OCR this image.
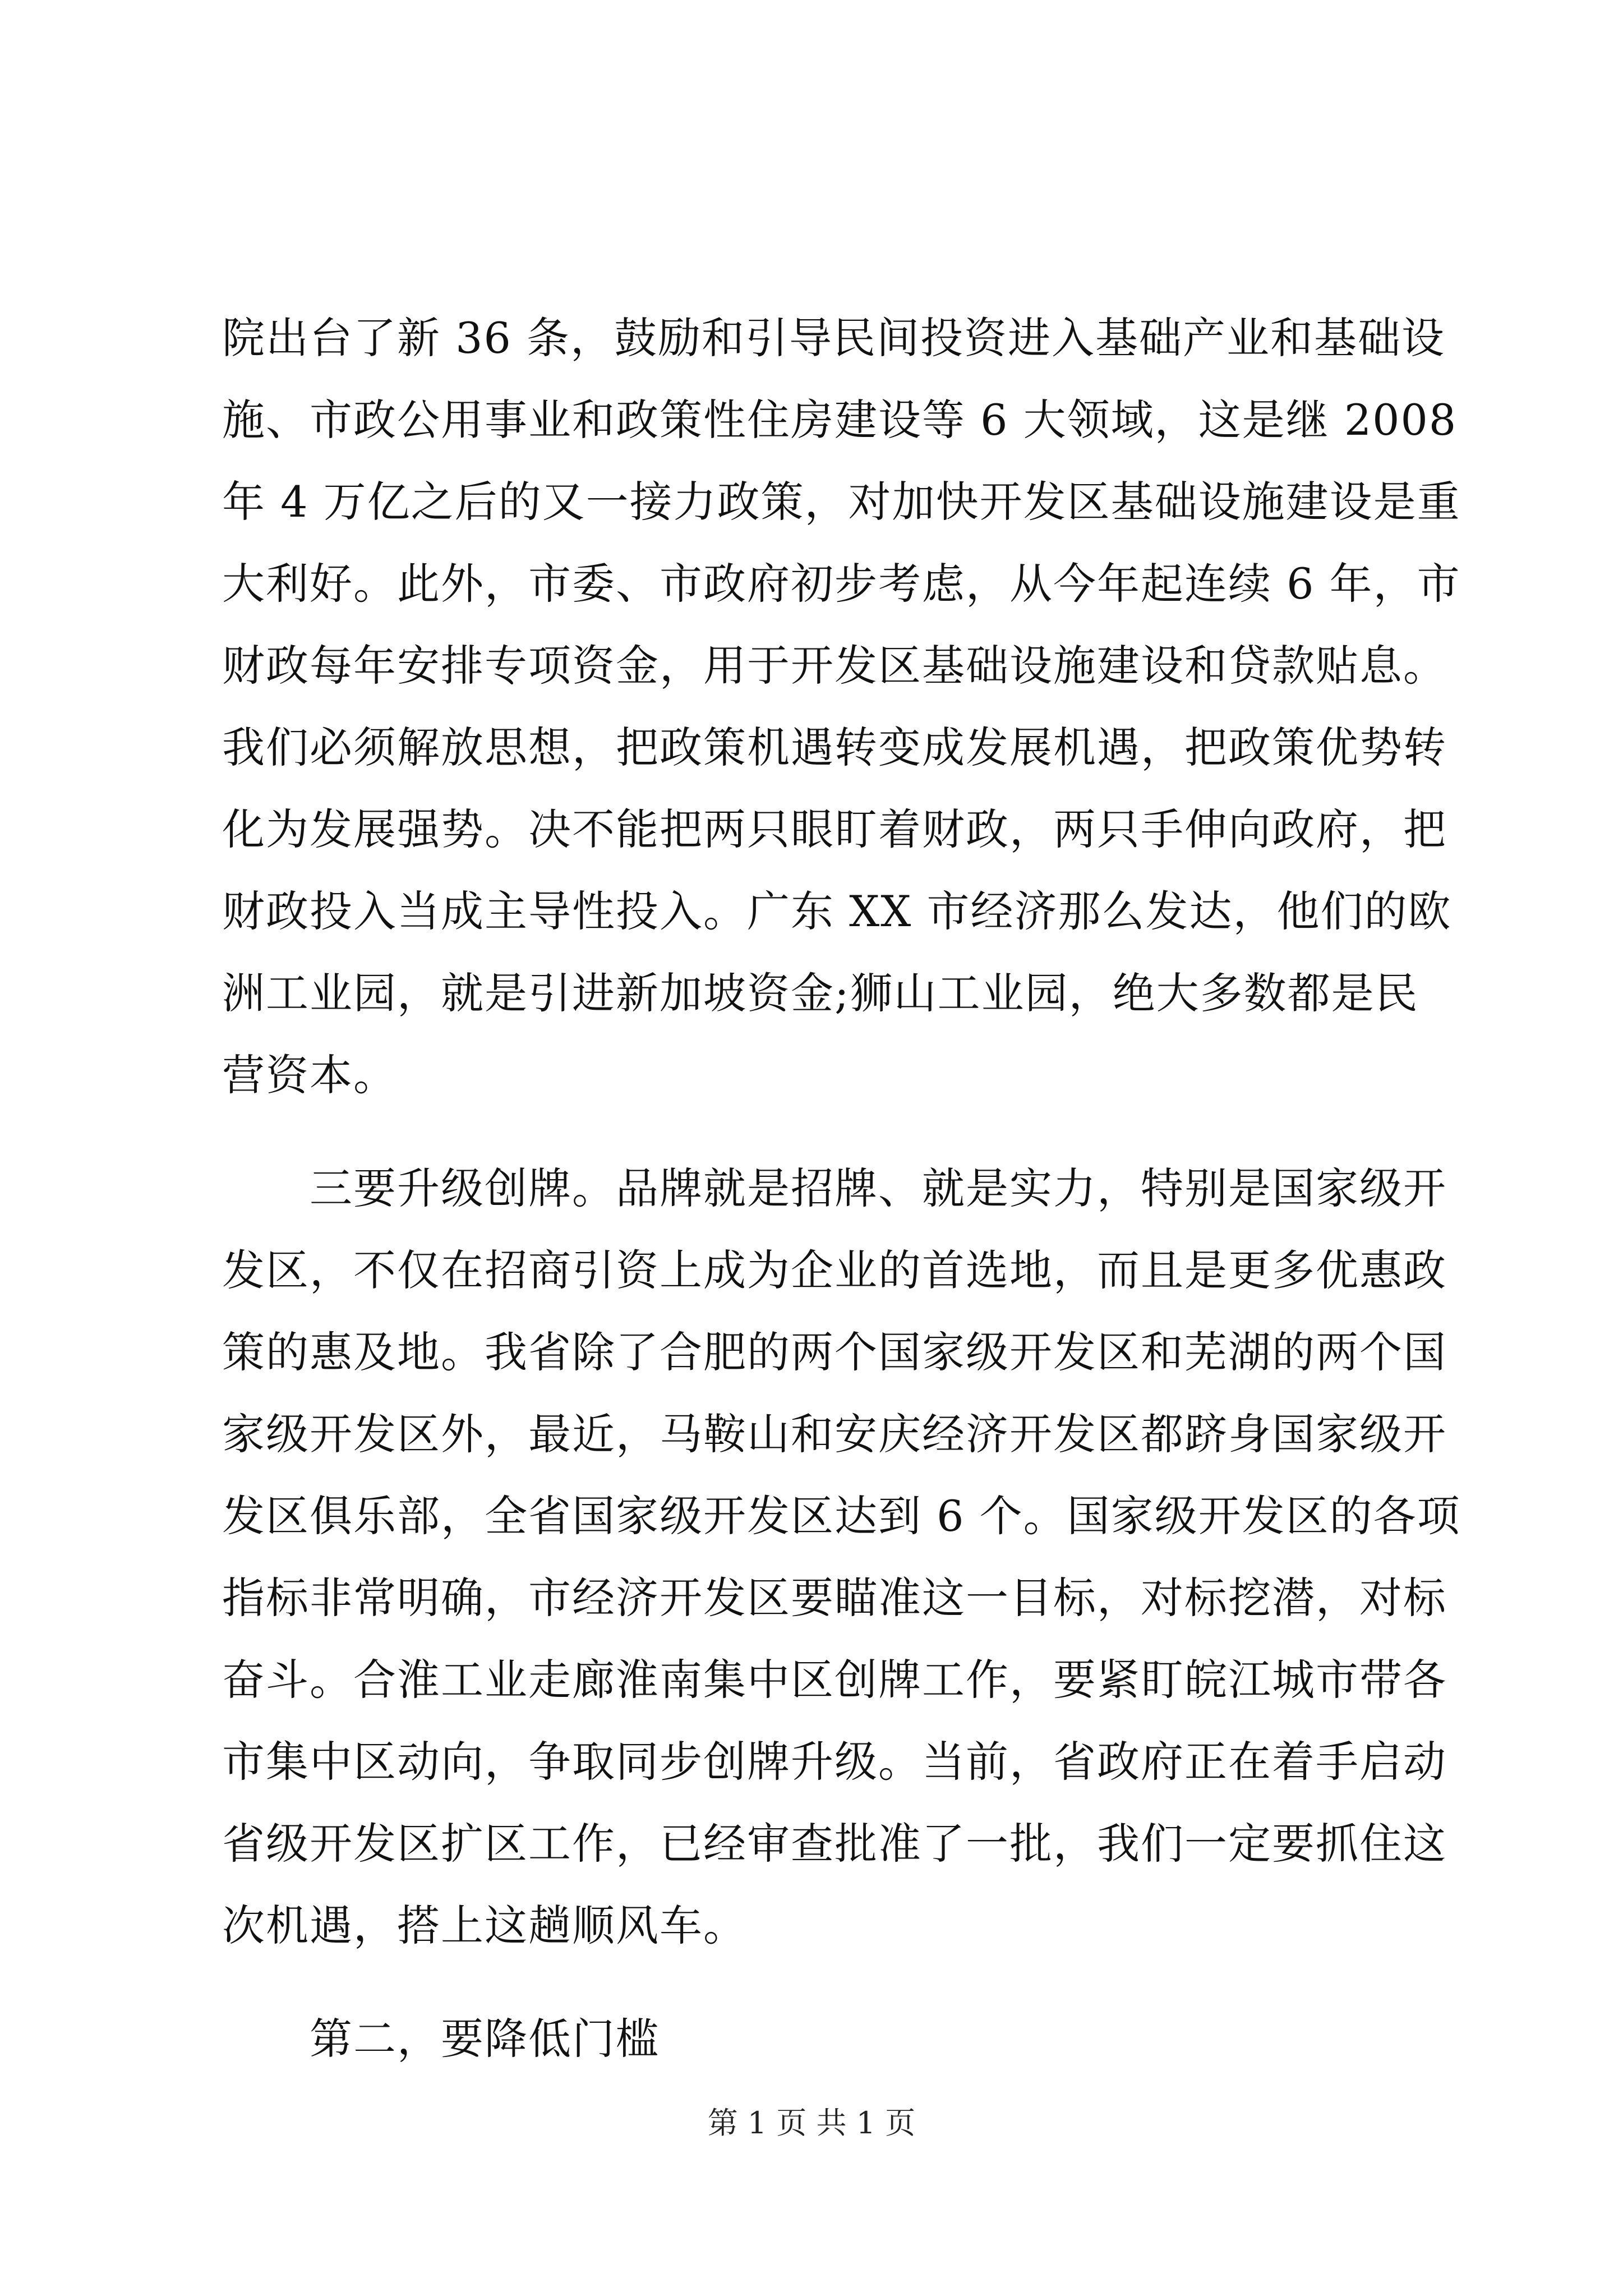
院出台了新 36 条，鼓励和引导民间投资进入基础产业和基础设
施、市政公用事业和政策性住房建设等 6 大领域，这是继 2008
年 4 万亿之后的又一接力政策，对加快开发区基础设施建设是重
大利好。此外，市委、市政府初步考虑，从今年起连续 6 年，市
财政每年安排专项资金，用于开发区基础设施建设和贷款贴息。
我们必须解放思想，把政策机遇转变成发展机遇，把政策优势转
化为发展强势。决不能把两只眼盯着财政，两只手伸向政府，把
财政投入当成主导性投入。广东 XX 市经济那么发达，他们的欧
洲工业园，就是引进新加坡资金;狮山工业园，绝大多数都是民
营资本。
　　三要升级创牌。品牌就是招牌、就是实力，特别是国家级开
发区，不仅在招商引资上成为企业的首选地，而且是更多优惠政
策的惠及地。我省除了合肥的两个国家级开发区和芜湖的两个国
家级开发区外，最近，马鞍山和安庆经济开发区都跻身国家级开
发区俱乐部，全省国家级开发区达到 6 个。国家级开发区的各项
指标非常明确，市经济开发区要瞄准这一目标，对标挖潜，对标
奋斗。合淮工业走廊淮南集中区创牌工作，要紧盯皖江城市带各
市集中区动向，争取同步创牌升级。当前，省政府正在着手启动
省级开发区扩区工作，已经审查批准了一批，我们一定要抓住这
次机遇，搭上这趟顺风车。
　　第二，要降低门槛
第 1 页 共 1 页
